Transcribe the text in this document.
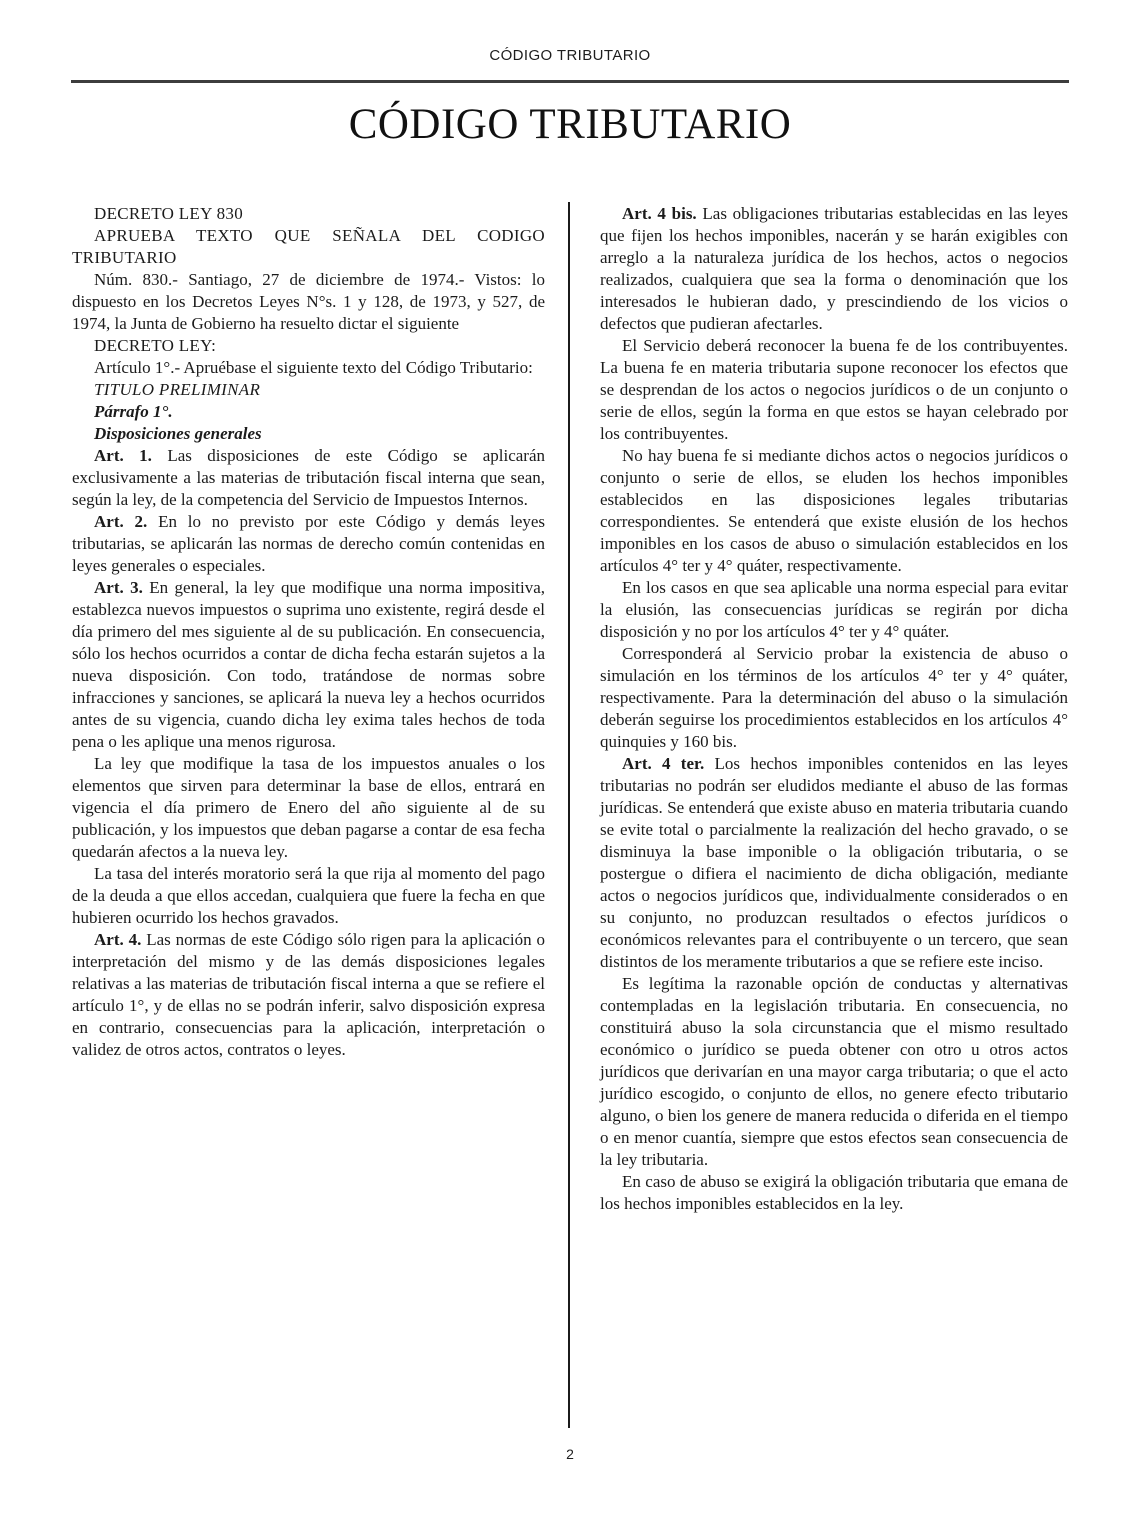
CÓDIGO TRIBUTARIO
CÓDIGO TRIBUTARIO

DECRETO LEY 830

APRUEBA TEXTO QUE SEÑALA DEL CODIGO TRIBUTARIO

Núm. 830.- Santiago, 27 de diciembre de 1974.- Vistos: lo dispuesto en los Decretos Leyes N°s. 1 y 128, de 1973, y 527, de 1974, la Junta de Gobierno ha resuelto dictar el siguiente

DECRETO LEY:

Artículo 1°.- Apruébase el siguiente texto del Código Tributario:

TITULO PRELIMINAR

Párrafo 1°.

Disposiciones generales

Art. 1. Las disposiciones de este Código se aplicarán exclusivamente a las materias de tributación fiscal interna que sean, según la ley, de la competencia del Servicio de Impuestos Internos.

Art. 2. En lo no previsto por este Código y demás leyes tributarias, se aplicarán las normas de derecho común contenidas en leyes generales o especiales.

Art. 3. En general, la ley que modifique una norma impositiva, establezca nuevos impuestos o suprima uno existente, regirá desde el día primero del mes siguiente al de su publicación. En consecuencia, sólo los hechos ocurridos a contar de dicha fecha estarán sujetos a la nueva disposición. Con todo, tratándose de normas sobre infracciones y sanciones, se aplicará la nueva ley a hechos ocurridos antes de su vigencia, cuando dicha ley exima tales hechos de toda pena o les aplique una menos rigurosa.

La ley que modifique la tasa de los impuestos anuales o los elementos que sirven para determinar la base de ellos, entrará en vigencia el día primero de Enero del año siguiente al de su publicación, y los impuestos que deban pagarse a contar de esa fecha quedarán afectos a la nueva ley.

La tasa del interés moratorio será la que rija al momento del pago de la deuda a que ellos accedan, cualquiera que fuere la fecha en que hubieren ocurrido los hechos gravados.

Art. 4. Las normas de este Código sólo rigen para la aplicación o interpretación del mismo y de las demás disposiciones legales relativas a las materias de tributación fiscal interna a que se refiere el artículo 1°, y de ellas no se podrán inferir, salvo disposición expresa en contrario, consecuencias para la aplicación, interpretación o validez de otros actos, contratos o leyes.

Art. 4 bis. Las obligaciones tributarias establecidas en las leyes que fijen los hechos imponibles, nacerán y se harán exigibles con arreglo a la naturaleza jurídica de los hechos, actos o negocios realizados, cualquiera que sea la forma o denominación que los interesados le hubieran dado, y prescindiendo de los vicios o defectos que pudieran afectarles.

El Servicio deberá reconocer la buena fe de los contribuyentes. La buena fe en materia tributaria supone reconocer los efectos que se desprendan de los actos o negocios jurídicos o de un conjunto o serie de ellos, según la forma en que estos se hayan celebrado por los contribuyentes.

No hay buena fe si mediante dichos actos o negocios jurídicos o conjunto o serie de ellos, se eluden los hechos imponibles establecidos en las disposiciones legales tributarias correspondientes. Se entenderá que existe elusión de los hechos imponibles en los casos de abuso o simulación establecidos en los artículos 4° ter y 4° quáter, respectivamente.

En los casos en que sea aplicable una norma especial para evitar la elusión, las consecuencias jurídicas se regirán por dicha disposición y no por los artículos 4° ter y 4° quáter.

Corresponderá al Servicio probar la existencia de abuso o simulación en los términos de los artículos 4° ter y 4° quáter, respectivamente. Para la determinación del abuso o la simulación deberán seguirse los procedimientos establecidos en los artículos 4° quinquies y 160 bis.

Art. 4 ter. Los hechos imponibles contenidos en las leyes tributarias no podrán ser eludidos mediante el abuso de las formas jurídicas. Se entenderá que existe abuso en materia tributaria cuando se evite total o parcialmente la realización del hecho gravado, o se disminuya la base imponible o la obligación tributaria, o se postergue o difiera el nacimiento de dicha obligación, mediante actos o negocios jurídicos que, individualmente considerados o en su conjunto, no produzcan resultados o efectos jurídicos o económicos relevantes para el contribuyente o un tercero, que sean distintos de los meramente tributarios a que se refiere este inciso.

Es legítima la razonable opción de conductas y alternativas contempladas en la legislación tributaria. En consecuencia, no constituirá abuso la sola circunstancia que el mismo resultado económico o jurídico se pueda obtener con otro u otros actos jurídicos que derivarían en una mayor carga tributaria; o que el acto jurídico escogido, o conjunto de ellos, no genere efecto tributario alguno, o bien los genere de manera reducida o diferida en el tiempo o en menor cuantía, siempre que estos efectos sean consecuencia de la ley tributaria.

En caso de abuso se exigirá la obligación tributaria que emana de los hechos imponibles establecidos en la ley.

2
